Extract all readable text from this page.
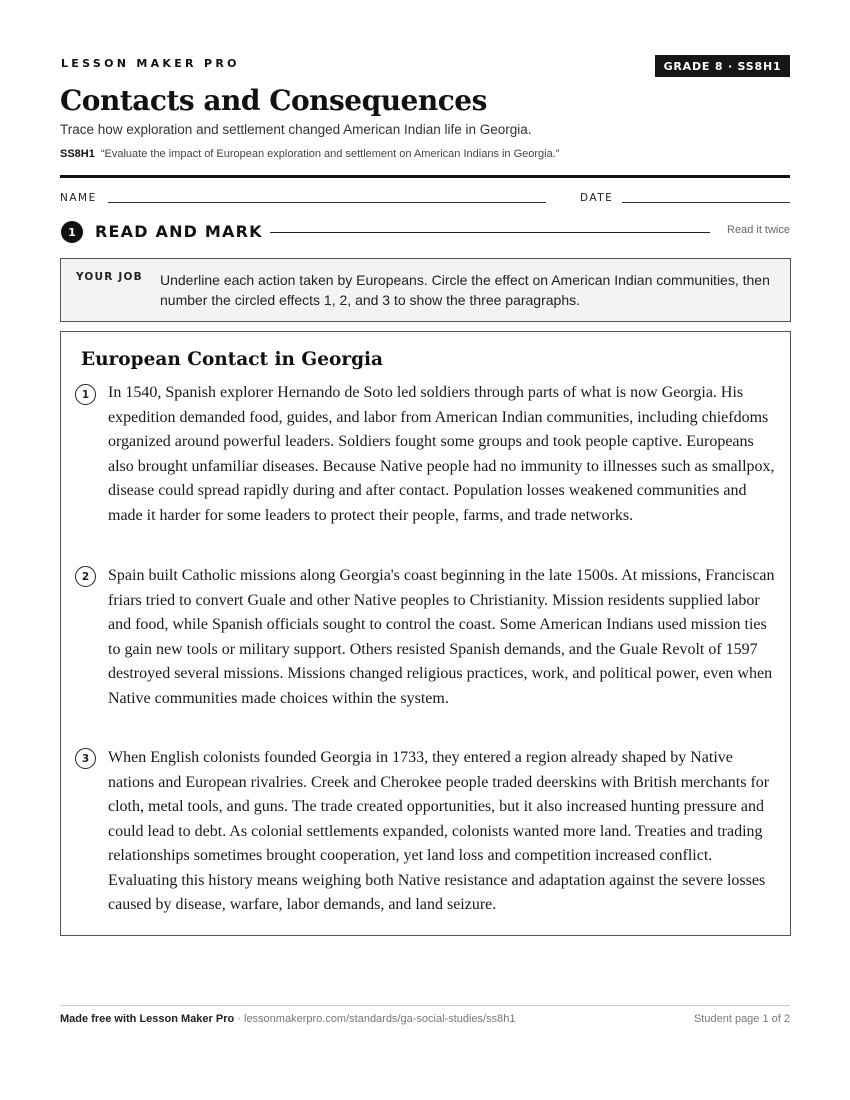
LESSON MAKER PRO	GRADE 8 · SS8H1
Contacts and Consequences
Trace how exploration and settlement changed American Indian life in Georgia.
SS8H1 “Evaluate the impact of European exploration and settlement on American Indians in Georgia.”
NAME	DATE
1	READ AND MARK	Read it twice
YOUR JOB Underline each action taken by Europeans. Circle the effect on American Indian communities, then number the circled effects 1, 2, and 3 to show the three paragraphs.
European Contact in Georgia
1	In 1540, Spanish explorer Hernando de Soto led soldiers through parts of what is now Georgia. His expedition demanded food, guides, and labor from American Indian communities, including chiefdoms organized around powerful leaders. Soldiers fought some groups and took people captive. Europeans also brought unfamiliar diseases. Because Native people had no immunity to illnesses such as smallpox, disease could spread rapidly during and after contact. Population losses weakened communities and made it harder for some leaders to protect their people, farms, and trade networks.

2	Spain built Catholic missions along Georgia's coast beginning in the late 1500s. At missions, Franciscan friars tried to convert Guale and other Native peoples to Christianity. Mission residents supplied labor and food, while Spanish officials sought to control the coast. Some American Indians used mission ties to gain new tools or military support. Others resisted Spanish demands, and the Guale Revolt of 1597 destroyed several missions. Missions changed religious practices, work, and political power, even when Native communities made choices within the system.

3	When English colonists founded Georgia in 1733, they entered a region already shaped by Native nations and European rivalries. Creek and Cherokee people traded deerskins with British merchants for cloth, metal tools, and guns. The trade created opportunities, but it also increased hunting pressure and could lead to debt. As colonial settlements expanded, colonists wanted more land. Treaties and trading relationships sometimes brought cooperation, yet land loss and competition increased conflict. Evaluating this history means weighing both Native resistance and adaptation against the severe losses caused by disease, warfare, labor demands, and land seizure.

Made free with Lesson Maker Pro · lessonmakerpro.com/standards/ga-social-studies/ss8h1	Student page 1 of 2
